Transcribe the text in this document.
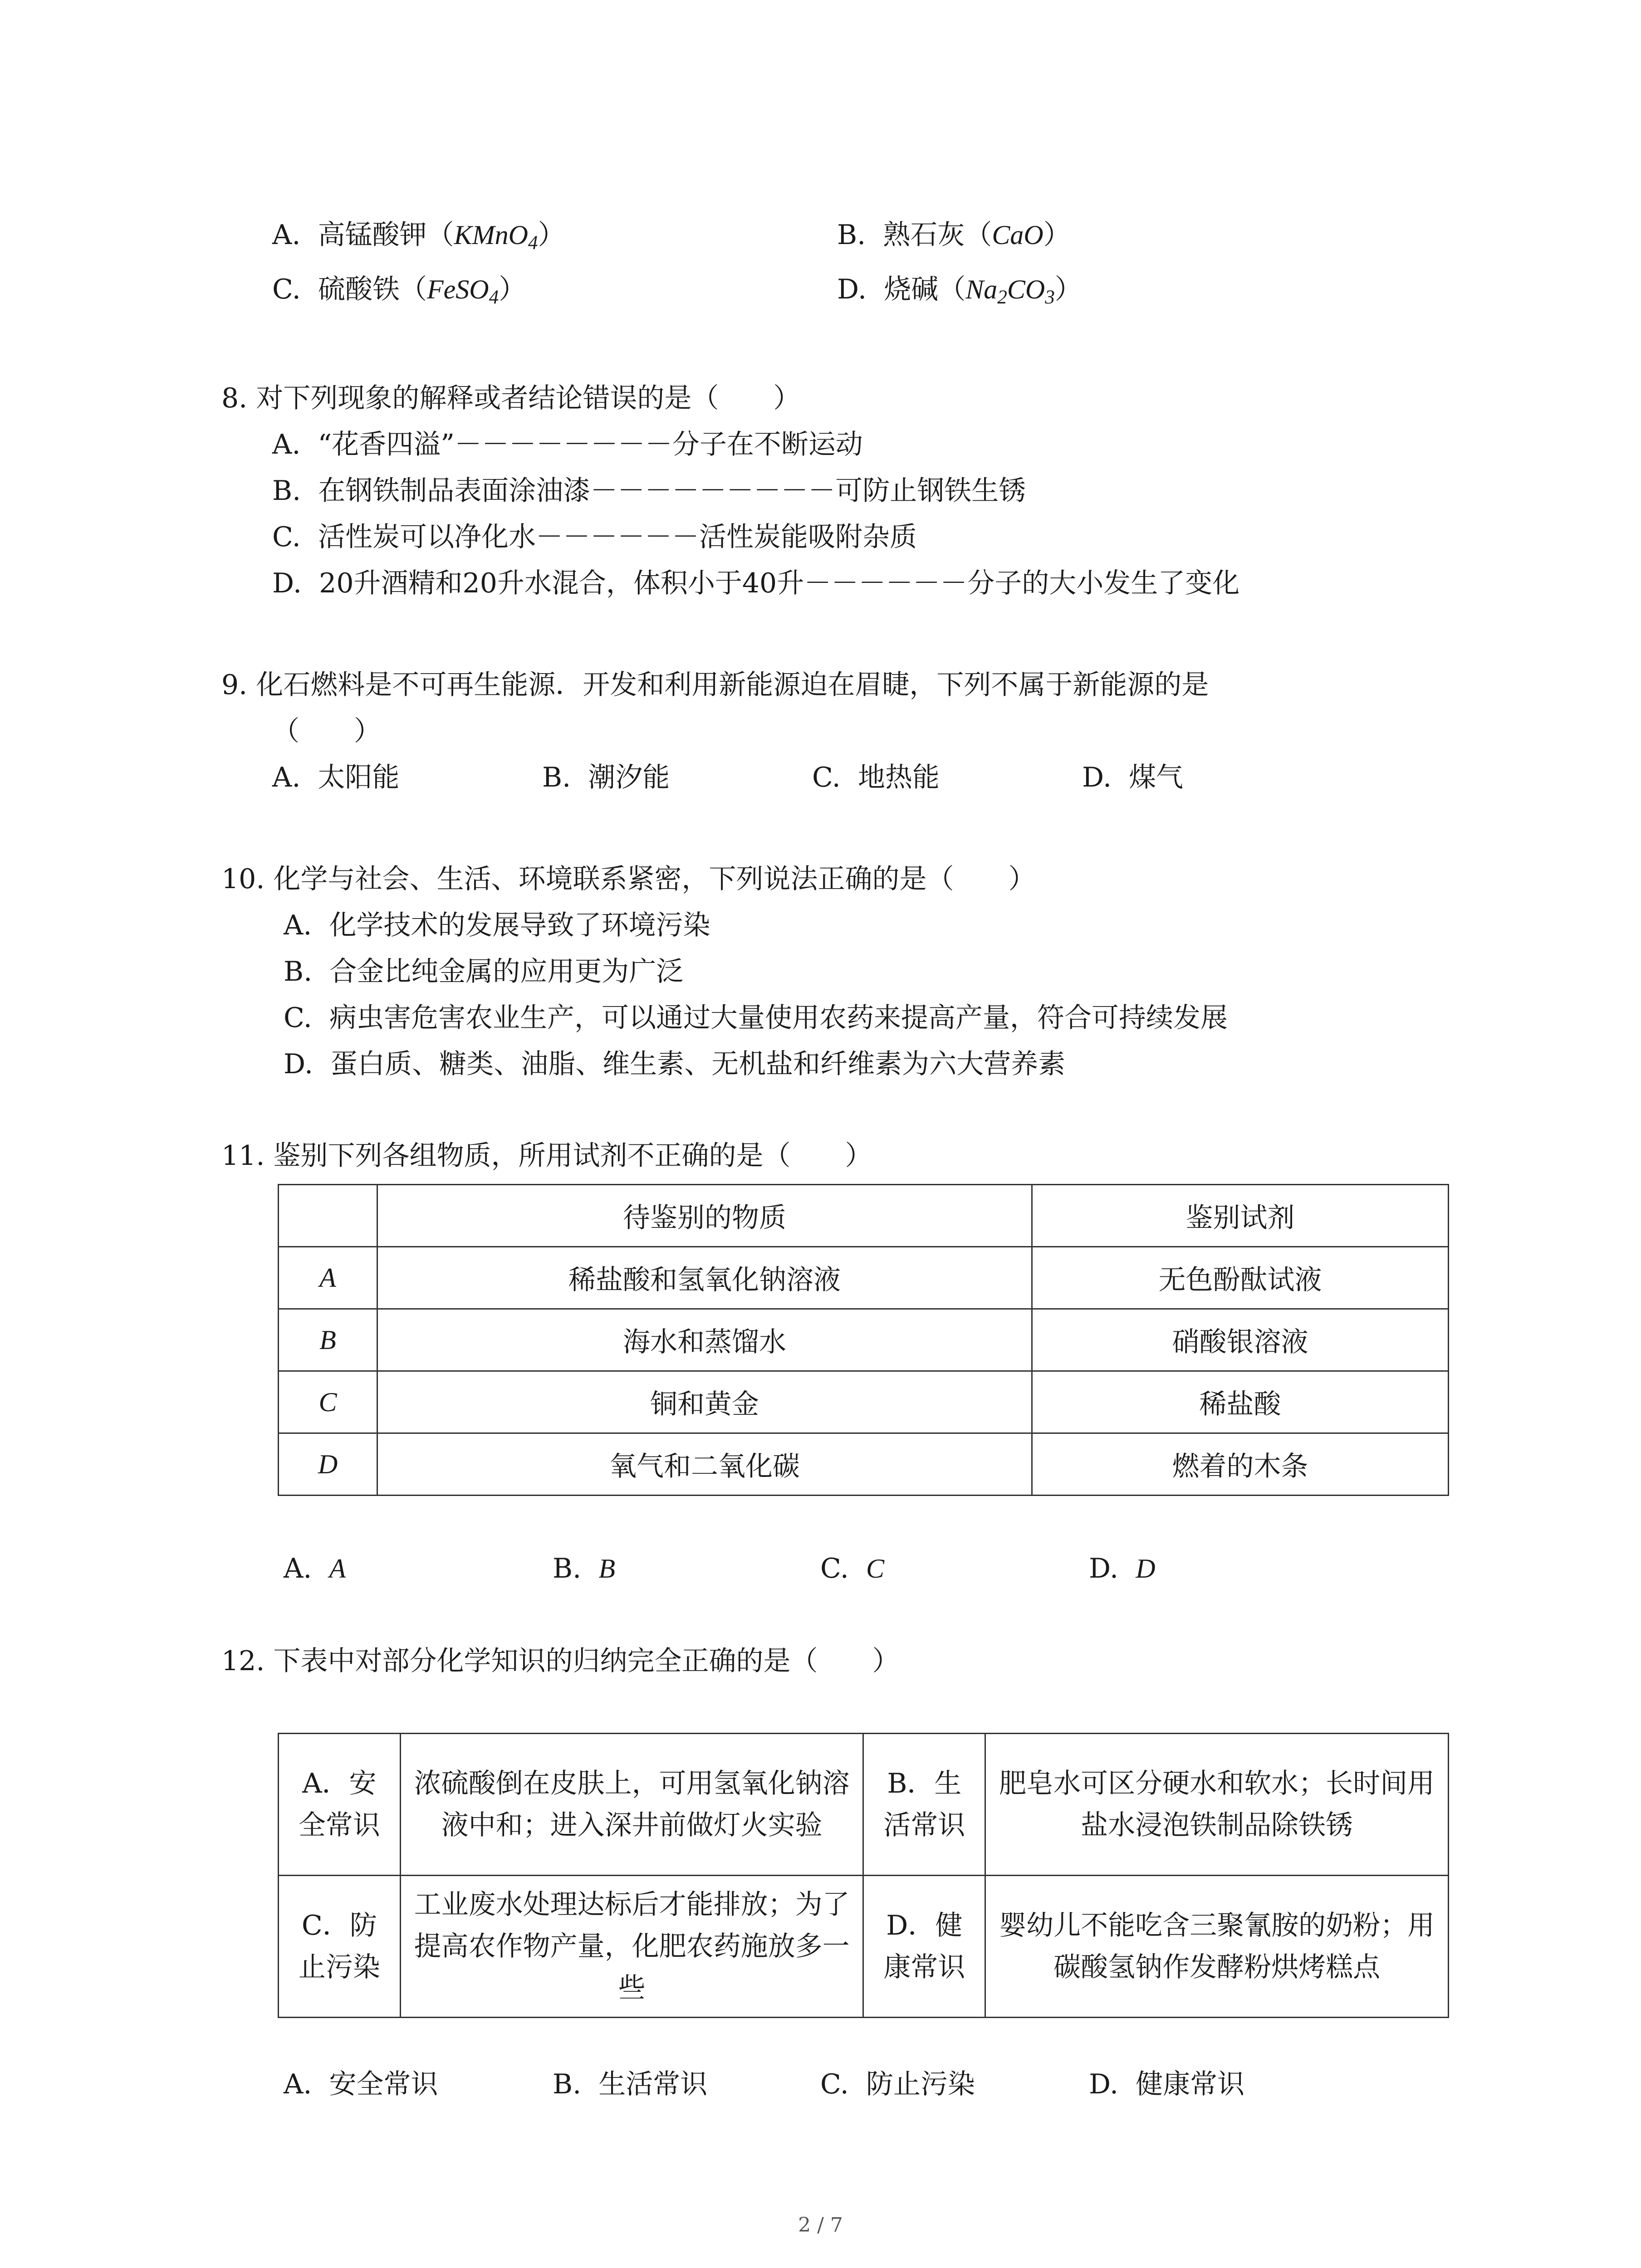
A. 高锰酸钾（KMnO$_4$）	B. 熟石灰（CaO）
C. 硫酸铁（FeSO$_4$）	D. 烧碱$(Na_2CO_3)$
8. 对下列现象的解释或者结论错误的是（　　）
A.  “花香四溢”－－－－－－－－分子在不断运动
B.  在钢铁制品表面涂油漆－－－－－－－－－可防止钢铁生锈
C.  活性炭可以净化水－－－－－－活性炭能吸附杂质
D.  20升酒精和20升水混合，体积小于40升－－－－－－分子的大小发生了变化
9. 化石燃料是不可再生能源．开发和利用新能源迫在眉睫，下列不属于新能源的是
（　　）
A.  太阳能	B.  潮汐能	C.  地热能	D.  煤气
10. 化学与社会、生活、环境联系紧密，下列说法正确的是（　　）
A.  化学技术的发展导致了环境污染
B.  合金比纯金属的应用更为广泛
C.  病虫害危害农业生产，可以通过大量使用农药来提高产量，符合可持续发展
D.  蛋白质、糖类、油脂、维生素、无机盐和纤维素为六大营养素
11. 鉴别下列各组物质，所用试剂不正确的是（　　）
	待鉴别的物质	鉴别试剂
A	稀盐酸和氢氧化钠溶液	无色酚酞试液
B	海水和蒸馏水	硝酸银溶液
C	铜和黄金	稀盐酸
D	氧气和二氧化碳	燃着的木条
A. A	B. B	C. C	D. D
12. 下表中对部分化学知识的归纳完全正确的是（　　）
A．安全常识	浓硫酸倒在皮肤上，可用氢氧化钠溶液中和；进入深井前做灯火实验	B．生活常识	肥皂水可区分硬水和软水；长时间用盐水浸泡铁制品除铁锈
C．防止污染	工业废水处理达标后才能排放；为了提高农作物产量，化肥农药施放多一些	D．健康常识	婴幼儿不能吃含三聚氰胺的奶粉；用碳酸氢钠作发酵粉烘烤糕点
A.  安全常识	B.  生活常识	C.  防止污染	D.  健康常识
2 / 7
